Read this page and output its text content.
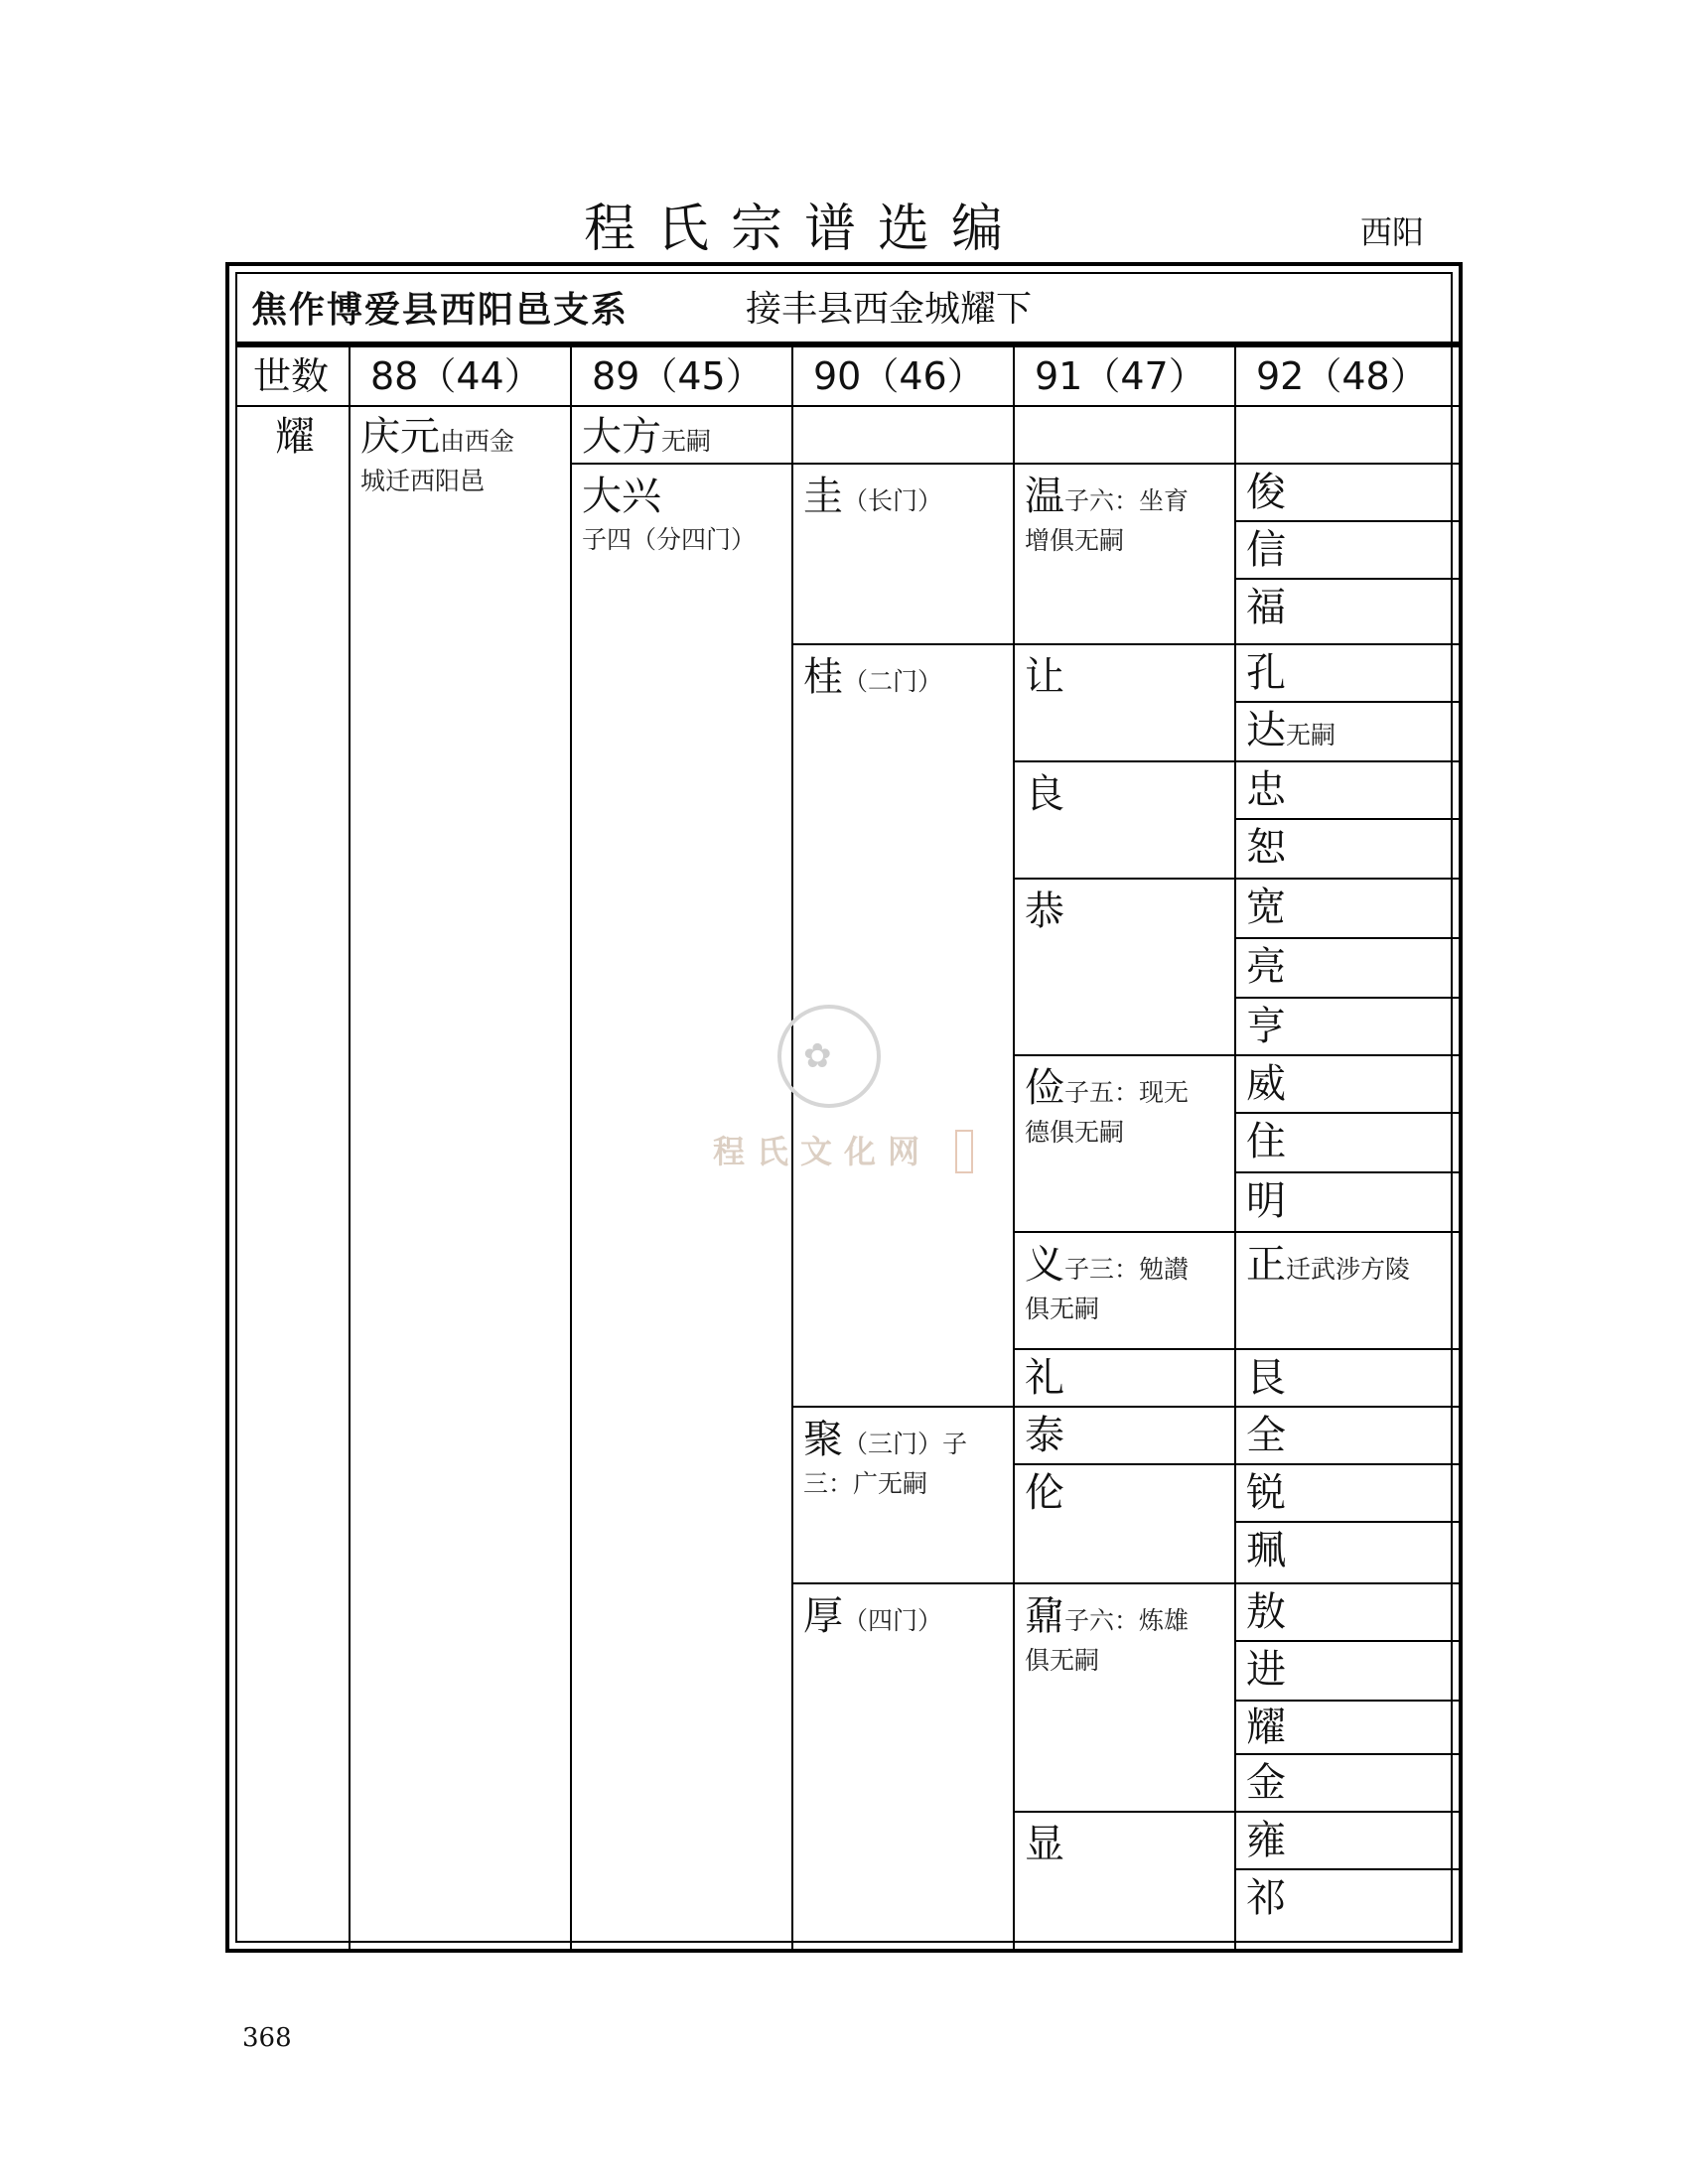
程氏宗谱选编	西阳
焦作博爱县西阳邑支系	接丰县西金城耀下
世数 88（44） 89（45） 90（46） 91（47） 92（48）
耀 庆元由西金
城迁西阳邑
大方无嗣
大兴
子四（分四门）
圭（长门）
桂（二门）
聚（三门）子
三：广无嗣
厚（四门）
温子六：坐育
增俱无嗣
让
良
恭
俭子五：现无
德俱无嗣
义子三：勉讃
俱无嗣
礼
泰
伦
鼐子六：炼雄
俱无嗣
显
俊
信
福
孔
达无嗣
忠
恕
宽
亮
亨
威
住
明
正迁武涉方陵
艮
全
锐
珮
敖
进
耀
金
雍
祁
✿
程氏文化网
368
